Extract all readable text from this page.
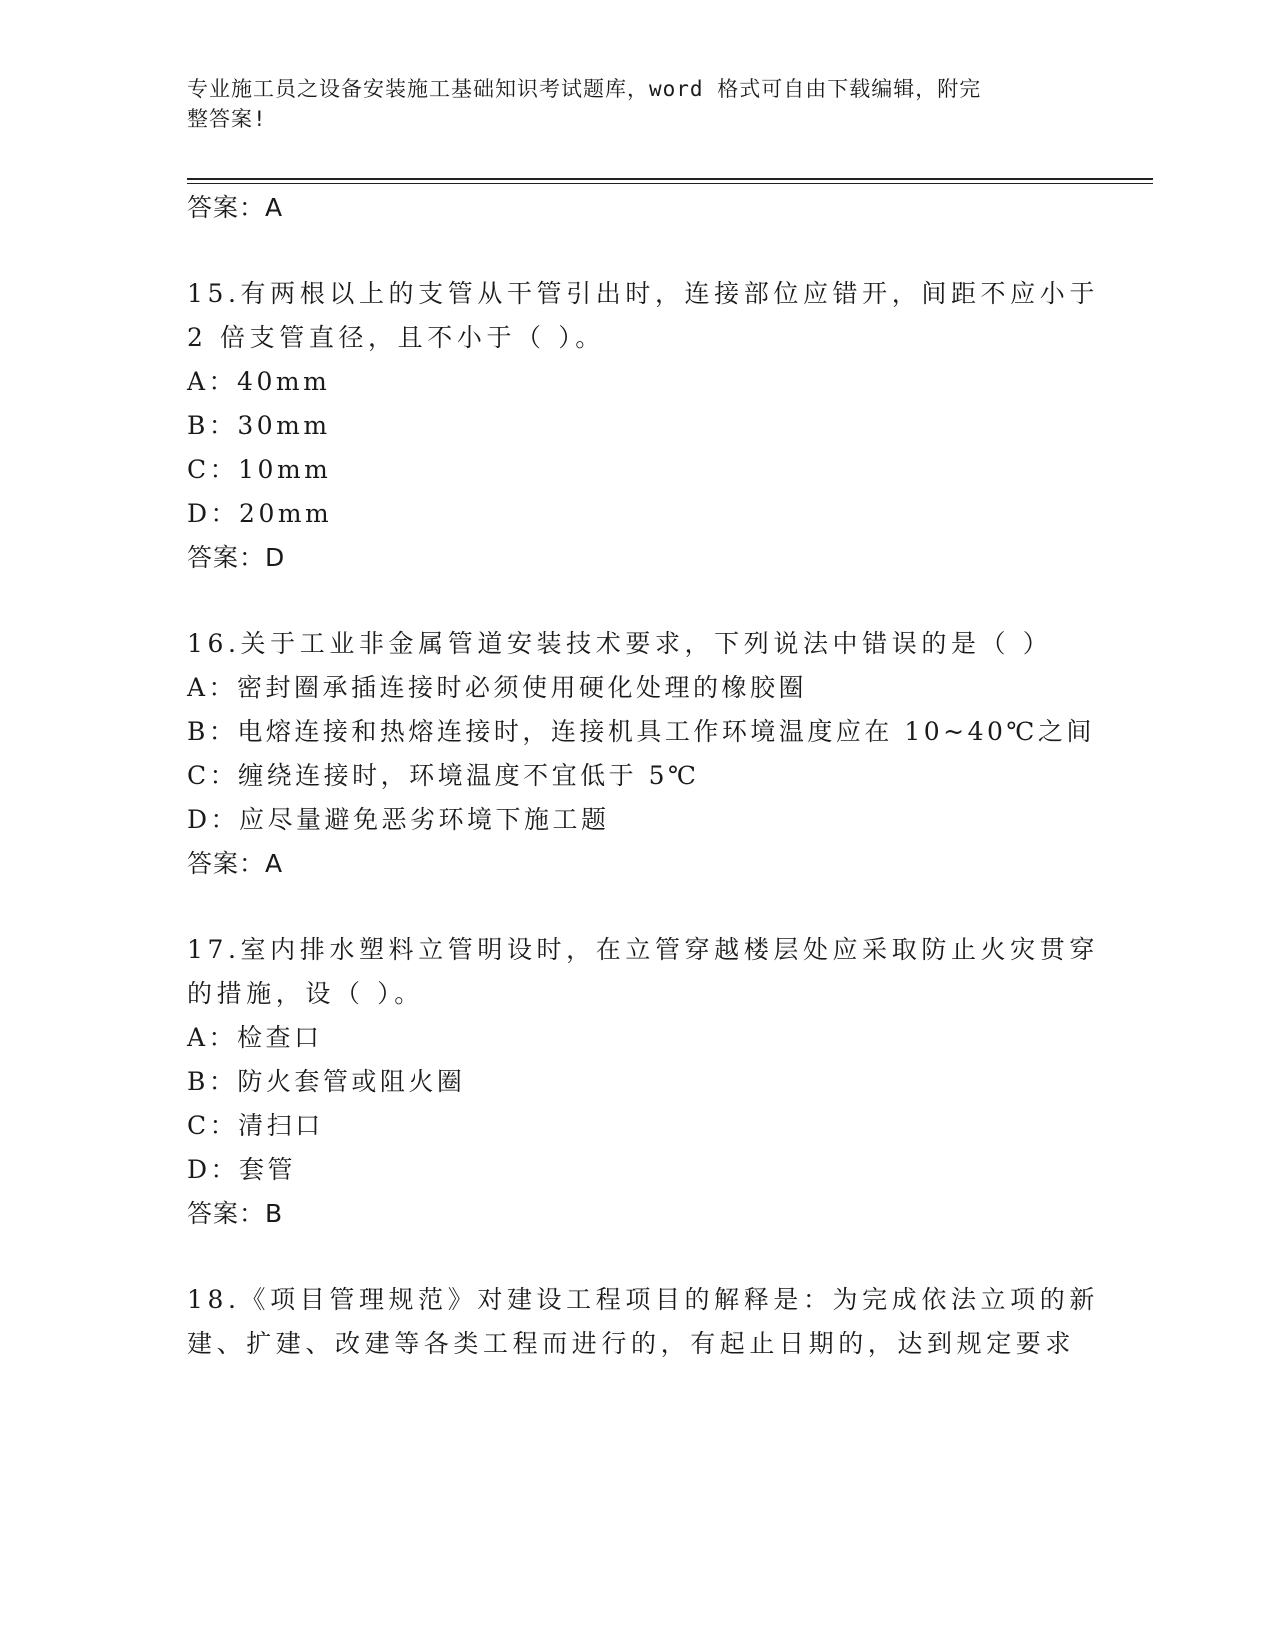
专业施工员之设备安装施工基础知识考试题库，word 格式可自由下载编辑，附完
整答案!
答案：A
15.有两根以上的支管从干管引出时，连接部位应错开，间距不应小于
2 倍支管直径，且不小于（ ）。
A：40mm
B：30mm
C：10mm
D：20mm
答案：D
16.关于工业非金属管道安装技术要求，下列说法中错误的是（ ）
A：密封圈承插连接时必须使用硬化处理的橡胶圈
B：电熔连接和热熔连接时，连接机具工作环境温度应在 10~40℃之间
C：缠绕连接时，环境温度不宜低于 5℃
D：应尽量避免恶劣环境下施工题
答案：A
17.室内排水塑料立管明设时，在立管穿越楼层处应采取防止火灾贯穿
的措施，设（ ）。
A：检查口
B：防火套管或阻火圈
C：清扫口
D：套管
答案：B
18.《项目管理规范》对建设工程项目的解释是：为完成依法立项的新
建、扩建、改建等各类工程而进行的，有起止日期的，达到规定要求
